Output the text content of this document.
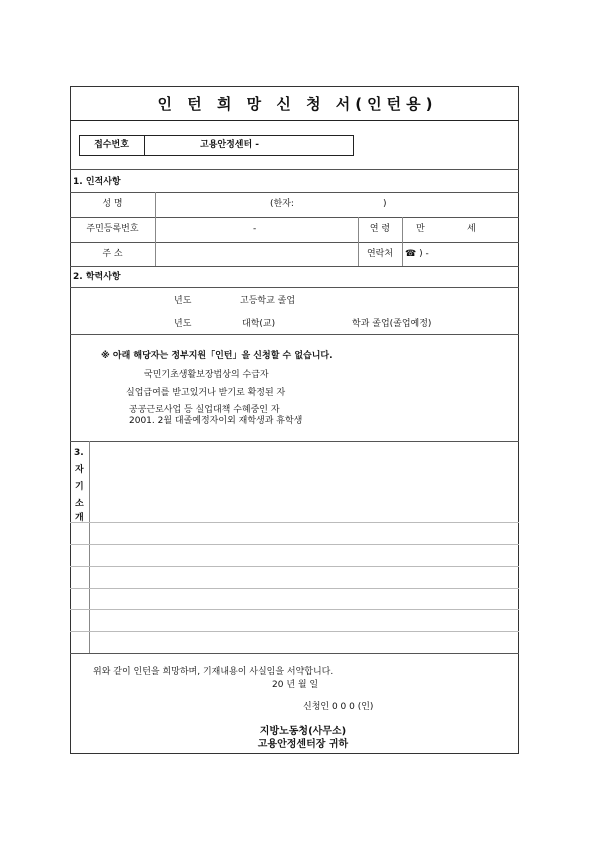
인 턴 희 망 신 청 서(인턴용)
접수번호	고용안정센터 -
1. 인적사항
성 명	(한자:	)
주민등록번호	-	연 령	만	세
주 소	연락처	☎ ) -
2. 학력사항
년도	고등학교 졸업
년도	대학(교)	학과 졸업(졸업예정)
※ 아래 해당자는 정부지원「인턴」을 신청할 수 없습니다.
국민기초생활보장법상의 수급자
실업급여를 받고있거나 받기로 확정된 자
공공근로사업 등 실업대책 수혜중인 자
2001. 2월 대졸예정자이외 재학생과 휴학생
3.
자
기
소
개
위와 같이 인턴을 희망하며, 기재내용이 사실임을 서약합니다.
20 년 월 일
신청인 0 0 0 (인)
지방노동청(사무소)
고용안정센터장 귀하
